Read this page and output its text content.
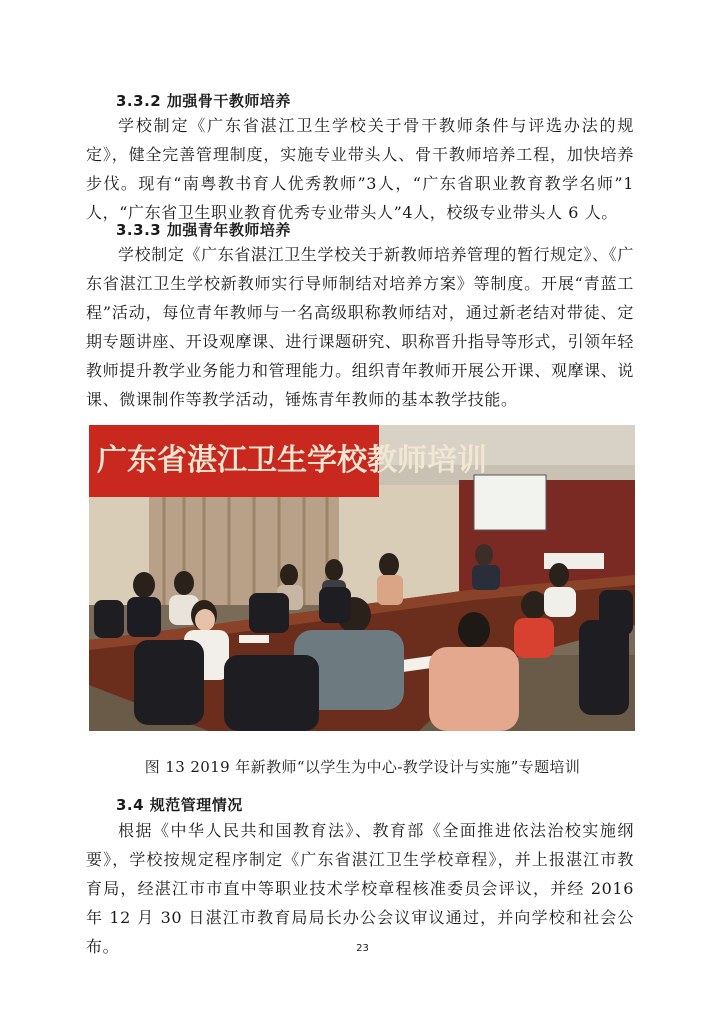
3.3.2 加强骨干教师培养

学校制定《广东省湛江卫生学校关于骨干教师条件与评选办法的规定》，健全完善管理制度，实施专业带头人、骨干教师培养工程，加快培养步伐。现有“南粤教书育人优秀教师”3人，“广东省职业教育教学名师”1人，“广东省卫生职业教育优秀专业带头人”4人，校级专业带头人 6 人。

3.3.3 加强青年教师培养

学校制定《广东省湛江卫生学校关于新教师培养管理的暂行规定》、《广东省湛江卫生学校新教师实行导师制结对培养方案》等制度。开展“青蓝工程”活动，每位青年教师与一名高级职称教师结对，通过新老结对带徒、定期专题讲座、开设观摩课、进行课题研究、职称晋升指导等形式，引领年轻教师提升教学业务能力和管理能力。组织青年教师开展公开课、观摩课、说课、微课制作等教学活动，锤炼青年教师的基本教学技能。

广东省湛江卫生学校教师培训
图 13 2019 年新教师“以学生为中心-教学设计与实施”专题培训
3.4 规范管理情况

根据《中华人民共和国教育法》、教育部《全面推进依法治校实施纲要》，学校按规定程序制定《广东省湛江卫生学校章程》，并上报湛江市教育局，经湛江市市直中等职业技术学校章程核准委员会评议，并经 2016 年 12 月 30 日湛江市教育局局长办公会议审议通过，并向学校和社会公布。	23
